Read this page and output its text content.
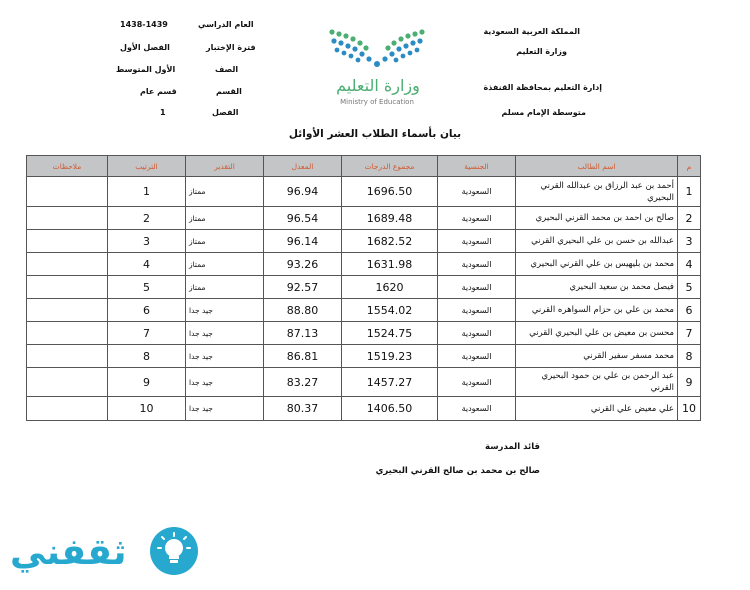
العام الدراسي
1438-1439
فترة الإختبار
الفصل الأول
الصف
الأول المتوسط
القسم
قسم عام
الفصل
1
وزارة التعليم
Ministry of Education
المملكة العربية السعودية
وزارة التعليم
إدارة التعليم بمحافظة القنفذة
متوسطة الإمام مسلم
بيان بأسماء الطلاب العشر الأوائل
م	اسم الطالب	الجنسية	مجموع الدرجات	المعدل	التقدير	الترتيب	ملاحظات
1	أحمد بن عبد الرزاق بن عبدالله القرني البحيري	السعودية	1696.50	96.94	ممتاز	1	
2	صالح بن احمد بن محمد القرني البحيري	السعودية	1689.48	96.54	ممتاز	2	
3	عبدالله بن حسن بن علي البحيري القرني	السعودية	1682.52	96.14	ممتاز	3	
4	محمد بن بليهيس بن علي القرني البحيري	السعودية	1631.98	93.26	ممتاز	4	
5	فيصل محمد بن سعيد البحيري	السعودية	1620	92.57	ممتاز	5	
6	محمد بن علي بن حزام السواهره القرني	السعودية	1554.02	88.80	جيد جدا	6	
7	محسن بن معيض بن علي البحيري القرني	السعودية	1524.75	87.13	جيد جدا	7	
8	محمد مسفر سفير القرني	السعودية	1519.23	86.81	جيد جدا	8	
9	عبد الرحمن بن علي بن حمود البحيري القرني	السعودية	1457.27	83.27	جيد جدا	9	
10	علي معيض علي القرني	السعودية	1406.50	80.37	جيد جدا	10	
قائد المدرسة
صالح بن محمد بن صالح القرني البحيري
ثقفني
